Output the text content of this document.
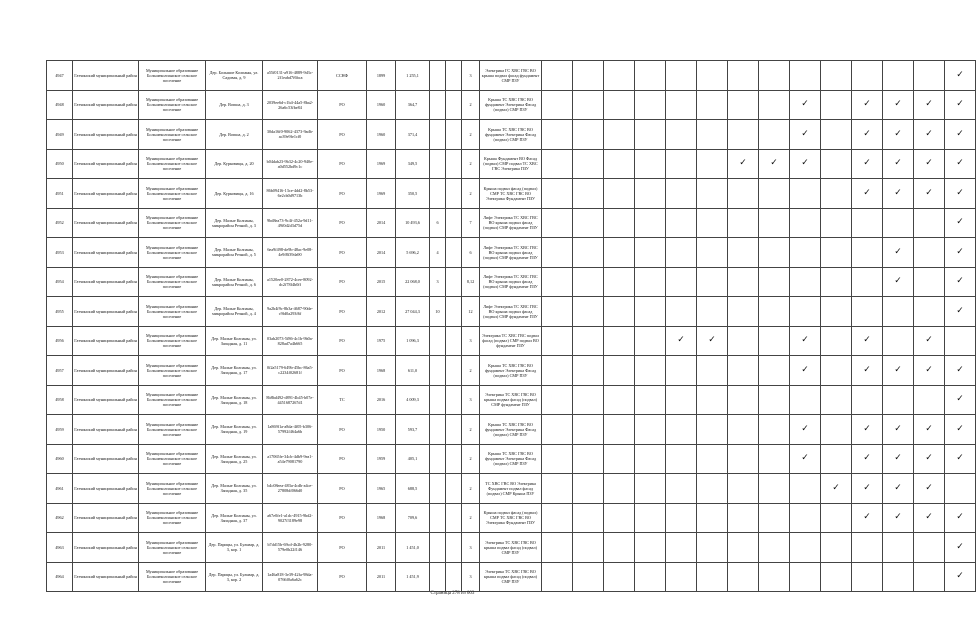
4947	Гатчинский муниципальный район	Муниципальное образование Большеколпанское сельское поселение	Дер. Большие Колпаны, ул. Садовая, д. 9	a55f0131-a916-4889-9d3c-2f1eabd7f6bca	ССНФ	1899	1 255,1			3	Электрика ГС ХВС ГВС ВО крыша подвал фасад фундамент СМР ПЗУ														✓
4948	Гатчинский муниципальный район	Муниципальное образование Большеколпанское сельское поселение	Дер. Вопша, д. 3	2039ee6d-c1b4-44a5-8ba2-26a6c53fbe84	РО	1960	364,7			2	Крыша ТС ХВС ГВС ВО фундамент Электрика Фасад (подвал) СМР ПЗУ									✓		✓	✓	✓	✓
4949	Гатчинский муниципальный район	Муниципальное образование Большеколпанское сельское поселение	Дер. Вопша, д. 2	30da16f0-9062-4373-9adb-ac39e9fe1cf0	РО	1960	371,4			2	Крыша ТС ХВС ГВС ВО фундамент Электрика Фасад (подвал) СМР ПЗУ									✓		✓	✓	✓	✓
4950	Гатчинский муниципальный район	Муниципальное образование Большеколпанское сельское поселение	Дер. Курковицы, д. 20	b04dab23-9b32-4c20-940e-a0d552bd9c1c	РО	1969	349,5			2	Крыша Фундамент ВО Фасад (подвал) СМР подвал ТС ХВС ГВС Электрика ПЗУ							✓	✓	✓		✓	✓	✓	✓
4951	Гатчинский муниципальный район	Муниципальное образование Большеколпанское сельское поселение	Дер. Курковицы, д. 16	86b09416-13ce-4dd2-8b53-6e2cb0d9713b	РО	1969	350,5			2	Крыша подвал фасад (подвал) СМР ТС ХВС ГВС ВО Электрика Фундамент ПЗУ											✓	✓	✓	✓
4952	Гатчинский муниципальный район	Муниципальное образование Большеколпанское сельское поселение	Дер. Малые Колпаны, микрорайон Речной, д. 3	9bd8ea73-9c4f-452a-9d11-49f0d2d3d75d	РО	2014	10 493,6	6		7	Лифт Электрика ТС ХВС ГВС ВО крыша подвал фасад (подвал) СМР фундамент ПЗУ														✓
4953	Гатчинский муниципальный район	Муниципальное образование Большеколпанское сельское поселение	Дер. Малые Колпаны, микрорайон Речной, д. 5	6ea9f498-de9b-48ac-9e08-4e9f8f39da90	РО	2014	5 696,2	4		6	Лифт Электрика ТС ХВС ГВС ВО крыша подвал фасад (подвал) СМР фундамент ПЗУ												✓		✓
4954	Гатчинский муниципальный район	Муниципальное образование Большеколпанское сельское поселение	Дер. Малые Колпаны, микрорайон Речной, д. 6	a1520ee0-2872-4cee-8092-dc2f78f4b0ff	РО	2015	22 068,0	3		8,12	Лифт Электрика ТС ХВС ГВС ВО крыша подвал фасад (подвал) СМР фундамент ПЗУ												✓		✓
4955	Гатчинский муниципальный район	Муниципальное образование Большеколпанское сельское поселение	Дер. Малые Колпаны, микрорайон Речной, д. 4	9a2b4f9c-8b3a-4687-90de-c9fd0a293f6f	РО	2012	27 044,3	10		12	Лифт Электрика ТС ХВС ГВС ВО крыша подвал фасад (подвал) СМР фундамент ПЗУ														✓
4956	Гатчинский муниципальный район	Муниципальное образование Большеколпанское сельское поселение	Дер. Малые Колпаны, ул. Западная, д. 11	03ab2073-5f86-4c1b-9b0a-828ad7a4b665	РО	1975	1 096,3			3	Электрика ТС ХВС ГВС подвал фасад (подвал) СМР подвал ВО фундамент ПЗУ					✓	✓			✓		✓		✓	
4957	Гатчинский муниципальный район	Муниципальное образование Большеколпанское сельское поселение	Дер. Малые Колпаны, ул. Западная, д. 17	0f2a5179-649b-45bc-86a5-c2234f02681f	РО	1968	611,0			2	Крыша ТС ХВС ГВС ВО фундамент Электрика Фасад (подвал) СМР ПЗУ									✓		✓	✓	✓	✓
4958	Гатчинский муниципальный район	Муниципальное образование Большеколпанское сельское поселение	Дер. Малые Колпаны, ул. Западная, д. 18	8b8bd492-d891-4b45-b07e-4451687267d1	ТС	2016	4 009,3			3	Электрика ТС ХВС ГВС ВО крыша подвал фасад (подвал) СМР фундамент ПЗУ														✓
4959	Гатчинский муниципальный район	Муниципальное образование Большеколпанское сельское поселение	Дер. Малые Колпаны, ул. Западная, д. 19	1a869f1a-a8da-4f05-b306-57992f464a6b	РО	1950	593,7			2	Крыша ТС ХВС ГВС ВО фундамент Электрика Фасад (подвал) СМР ПЗУ									✓		✓	✓	✓	✓
4960	Гатчинский муниципальный район	Муниципальное образование Большеколпанское сельское поселение	Дер. Малые Колпаны, ул. Западная, д. 25	a17065fe-34cb-4db9-9ea1-a54e79081790	РО	1959	405,1			2	Крыша ТС ХВС ГВС ВО фундамент Электрика Фасад (подвал) СМР ПЗУ									✓		✓	✓	✓	✓
4961	Гатчинский муниципальный район	Муниципальное образование Большеколпанское сельское поселение	Дер. Малые Колпаны, ул. Западная, д. 35	b4c08eea-483a-4cdb-a4ce-27808df066d0	РО	1965	688,5			2	ТС ХВС ГВС ВО Электрика Фундамент подвал фасад (подвал) СМР Крыша ПЗУ										✓	✓	✓	✓	
4962	Гатчинский муниципальный район	Муниципальное образование Большеколпанское сельское поселение	Дер. Малые Колпаны, ул. Западная, д. 37	a67e0fe1-a1dc-4915-9bd2-9027f3189e98	РО	1968	709,6			2	Крыша подвал фасад (подвал) СМР ТС ХВС ГВС ВО Электрика Фундамент ПЗУ											✓	✓	✓	✓
4963	Гатчинский муниципальный район	Муниципальное образование Большеколпанское сельское поселение	Дер. Парицы, ул. Бульвар, д. 3, кор. 1	b7dd15b-69cd-4b2b-9280-579e0b22f146	РО	2011	1 451,0			3	Электрика ТС ХВС ГВС ВО крыша подвал фасад (подвал) СМР ПЗУ														✓
4964	Гатчинский муниципальный район	Муниципальное образование Большеколпанское сельское поселение	Дер. Парицы, ул. Бульвар, д. 3, кор. 2	1a46a818-3e39-42fa-98da-0766f0a6a62c	РО	2011	1 451,9			3	Электрика ТС ХВС ГВС ВО крыша подвал фасад (подвал) СМР ПЗУ														✓
Страница 278 из 603
